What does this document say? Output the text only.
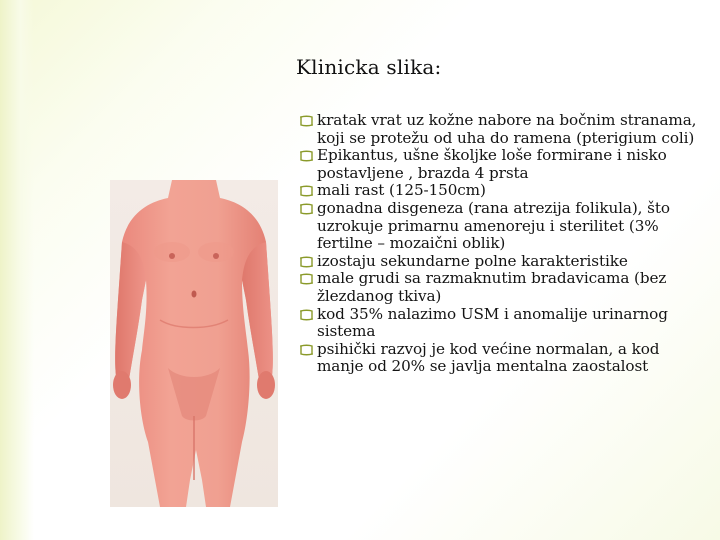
Klinicka slika:
kratak vrat uz kožne nabore na bočnim stranama, koji se protežu od uha do ramena (pterigium coli)
Epikantus, ušne školjke loše formirane i nisko postavljene , brazda 4 prsta
mali rast (125-150cm)
gonadna disgeneza (rana atrezija folikula), što uzrokuje primarnu amenoreju i sterilitet (3% fertilne – mozaični oblik)
izostaju sekundarne polne karakteristike
male grudi sa razmaknutim bradavicama (bez žlezdanog tkiva)
kod 35% nalazimo USM i anomalije urinarnog sistema
psihički razvoj je kod većine normalan, a kod manje od 20% se javlja mentalna zaostalost
